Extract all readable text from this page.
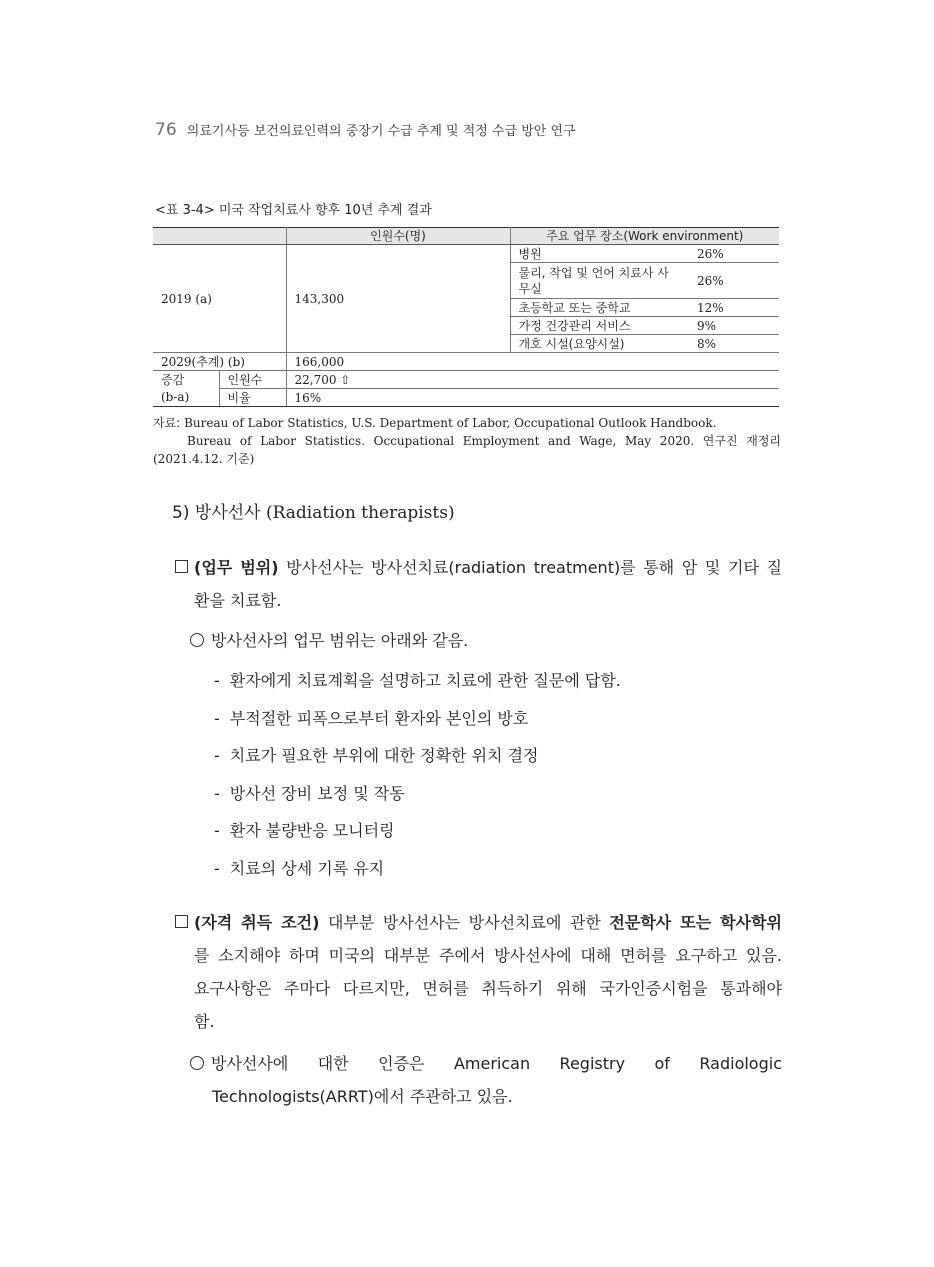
76 의료기사등 보건의료인력의 중장기 수급 추계 및 적정 수급 방안 연구
<표 3-4> 미국 작업치료사 향후 10년 추계 결과
		인원수(명)	주요 업무 장소(Work environment)	
2019 (a)		143,300	병원	26%
			물리, 작업 및 언어 치료사 사무실	26%
			초등학교 또는 중학교	12%
			가정 건강관리 서비스	9%
			개호 시설(요양시설)	8%
2029(추계) (b)		166,000		
증감	인원수	22,700 ⇧		
(b-a)	비율	16%		
자료: Bureau of Labor Statistics, U.S. Department of Labor, Occupational Outlook Handbook.
Bureau of Labor Statistics. Occupational Employment and Wage, May 2020. 연구진 재정리
(2021.4.12. 기준)
5) 방사선사 (Radiation therapists)
(업무 범위) 방사선사는 방사선치료(radiation treatment)를 통해 암 및 기타 질
환을 치료함.
방사선사의 업무 범위는 아래와 같음.
- 환자에게 치료계획을 설명하고 치료에 관한 질문에 답함.
- 부적절한 피폭으로부터 환자와 본인의 방호
- 치료가 필요한 부위에 대한 정확한 위치 결정
- 방사선 장비 보정 및 작동
- 환자 불량반응 모니터링
- 치료의 상세 기록 유지
(자격 취득 조건) 대부분 방사선사는 방사선치료에 관한 전문학사 또는 학사학위
를 소지해야 하며 미국의 대부분 주에서 방사선사에 대해 면허를 요구하고 있음.
요구사항은 주마다 다르지만, 면허를 취득하기 위해 국가인증시험을 통과해야
함.
방사선사에 대한 인증은 American Registry of Radiologic
Technologists(ARRT)에서 주관하고 있음.
